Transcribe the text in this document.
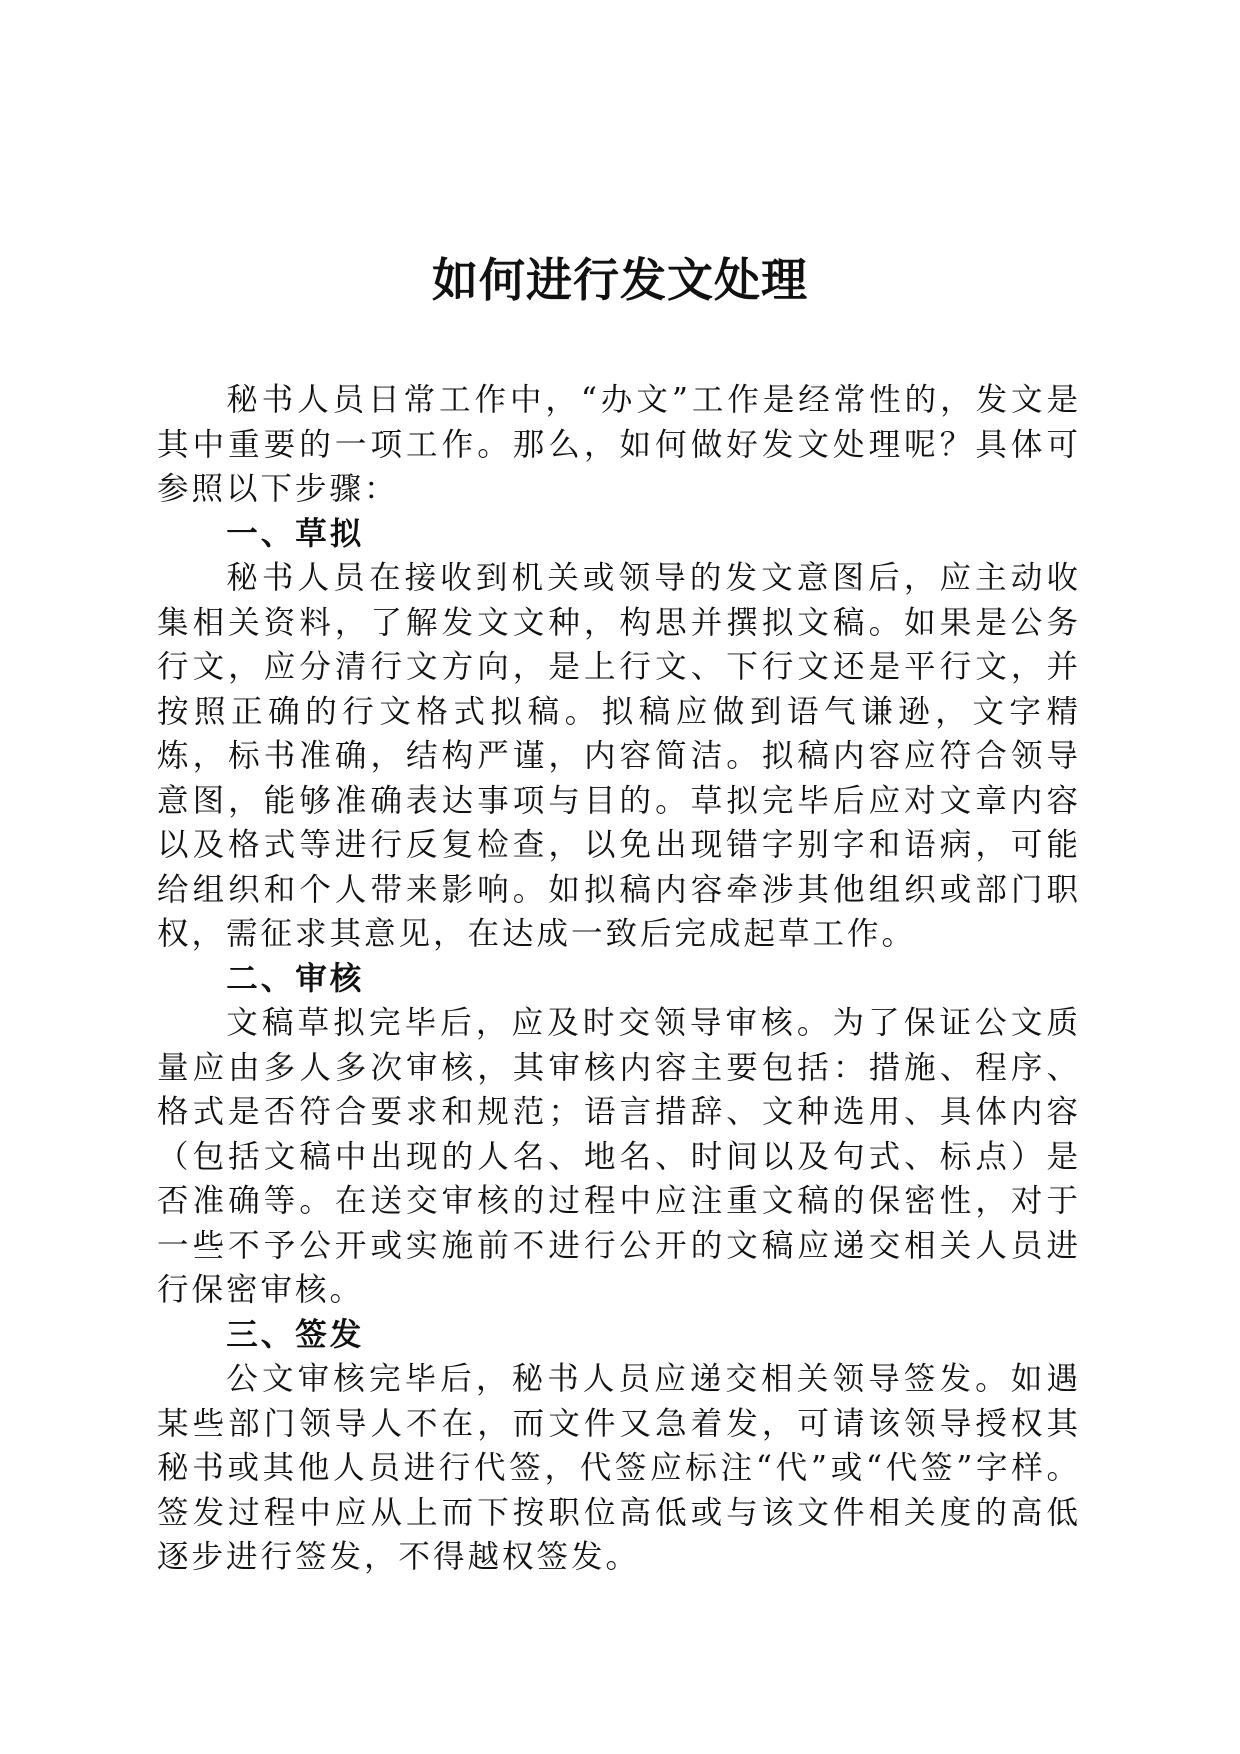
如何进行发文处理

秘书人员日常工作中，“办文”工作是经常性的，发文是其中重要的一项工作。那么，如何做好发文处理呢？具体可参照以下步骤：

一、草拟

秘书人员在接收到机关或领导的发文意图后，应主动收集相关资料，了解发文文种，构思并撰拟文稿。如果是公务行文，应分清行文方向，是上行文、下行文还是平行文，并按照正确的行文格式拟稿。拟稿应做到语气谦逊，文字精炼，标书准确，结构严谨，内容简洁。拟稿内容应符合领导意图，能够准确表达事项与目的。草拟完毕后应对文章内容以及格式等进行反复检查，以免出现错字别字和语病，可能给组织和个人带来影响。如拟稿内容牵涉其他组织或部门职权，需征求其意见，在达成一致后完成起草工作。

二、审核

文稿草拟完毕后，应及时交领导审核。为了保证公文质量应由多人多次审核，其审核内容主要包括：措施、程序、格式是否符合要求和规范；语言措辞、文种选用、具体内容（包括文稿中出现的人名、地名、时间以及句式、标点）是否准确等。在送交审核的过程中应注重文稿的保密性，对于一些不予公开或实施前不进行公开的文稿应递交相关人员进行保密审核。

三、签发

公文审核完毕后，秘书人员应递交相关领导签发。如遇某些部门领导人不在，而文件又急着发，可请该领导授权其秘书或其他人员进行代签，代签应标注“代”或“代签”字样。签发过程中应从上而下按职位高低或与该文件相关度的高低逐步进行签发，不得越权签发。
